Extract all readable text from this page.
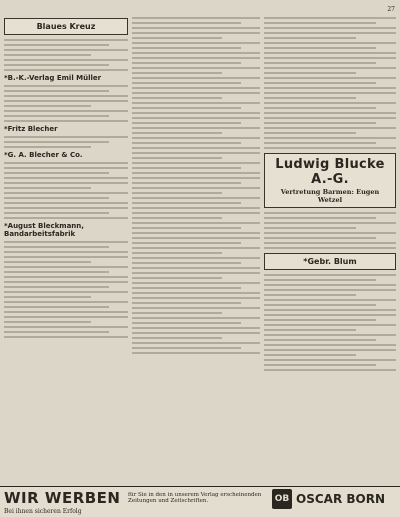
27
Blaues Kreuz
*B.-K.-Verlag Emil Müller
*Fritz Blecher
*G. A. Blecher & Co.
*August Bleckmann, Bandarbeitsfabrik
Ludwig Blucke A.-G.
Vertretung Barmen: Eugen Wetzel
*Gebr. Blum
WIR WERBEN
Bei ihnen sicheren Erfolg
für Sie in den in unserem Verlag erscheinenden Zeitungen und Zeitschriften.	OB OSCAR BORN
